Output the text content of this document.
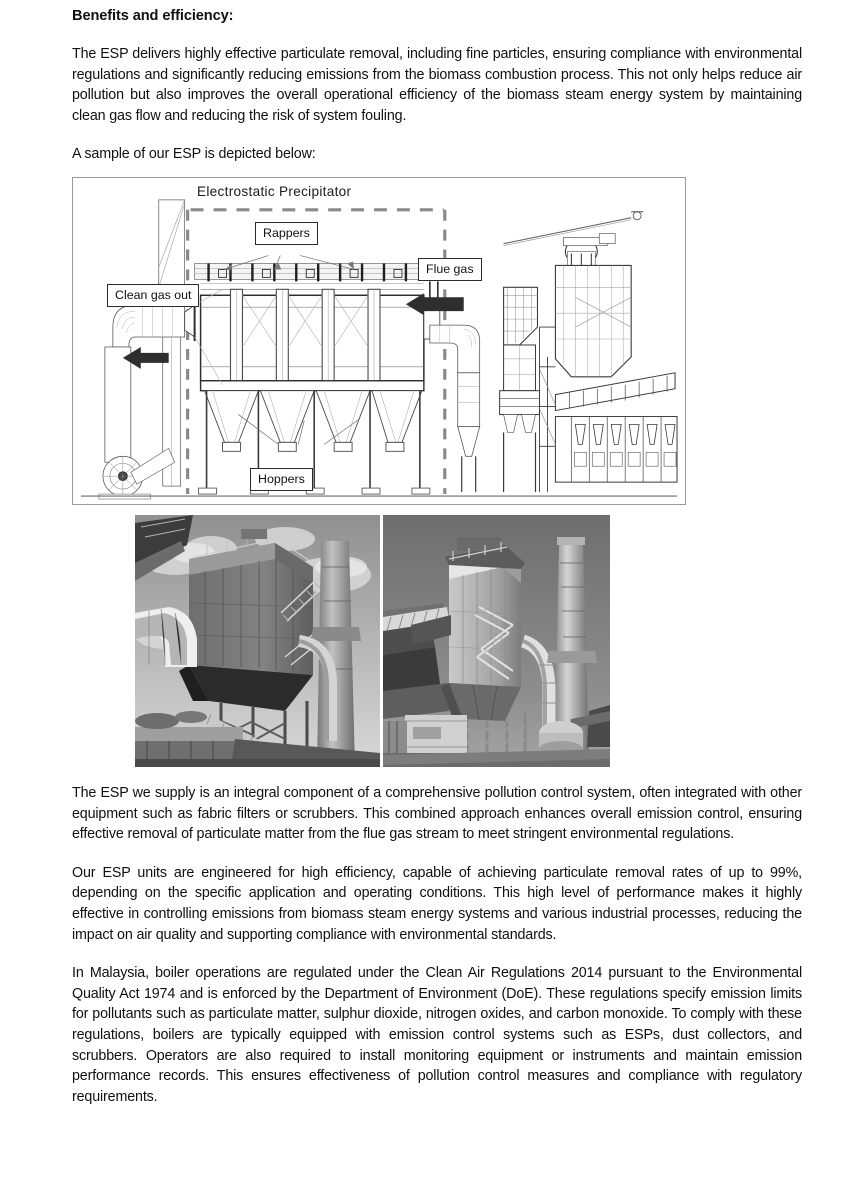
Benefits and efficiency:

The ESP delivers highly effective particulate removal, including fine particles, ensuring compliance with environmental regulations and significantly reducing emissions from the biomass combustion process. This not only helps reduce air pollution but also improves the overall operational efficiency of the biomass steam energy system by maintaining clean gas flow and reducing the risk of system fouling.

A sample of our ESP is depicted below:

Electrostatic Precipitator
Rappers
Flue gas
Clean gas out
Hoppers

The ESP we supply is an integral component of a comprehensive pollution control system, often integrated with other equipment such as fabric filters or scrubbers. This combined approach enhances overall emission control, ensuring effective removal of particulate matter from the flue gas stream to meet stringent environmental regulations.

Our ESP units are engineered for high efficiency, capable of achieving particulate removal rates of up to 99%, depending on the specific application and operating conditions. This high level of performance makes it highly effective in controlling emissions from biomass steam energy systems and various industrial processes, reducing the impact on air quality and supporting compliance with environmental standards.

In Malaysia, boiler operations are regulated under the Clean Air Regulations 2014 pursuant to the Environmental Quality Act 1974 and is enforced by the Department of Environment (DoE). These regulations specify emission limits for pollutants such as particulate matter, sulphur dioxide, nitrogen oxides, and carbon monoxide. To comply with these regulations, boilers are typically equipped with emission control systems such as ESPs, dust collectors, and scrubbers. Operators are also required to install monitoring equipment or instruments and maintain emission performance records. This ensures effectiveness of pollution control measures and compliance with regulatory requirements.
